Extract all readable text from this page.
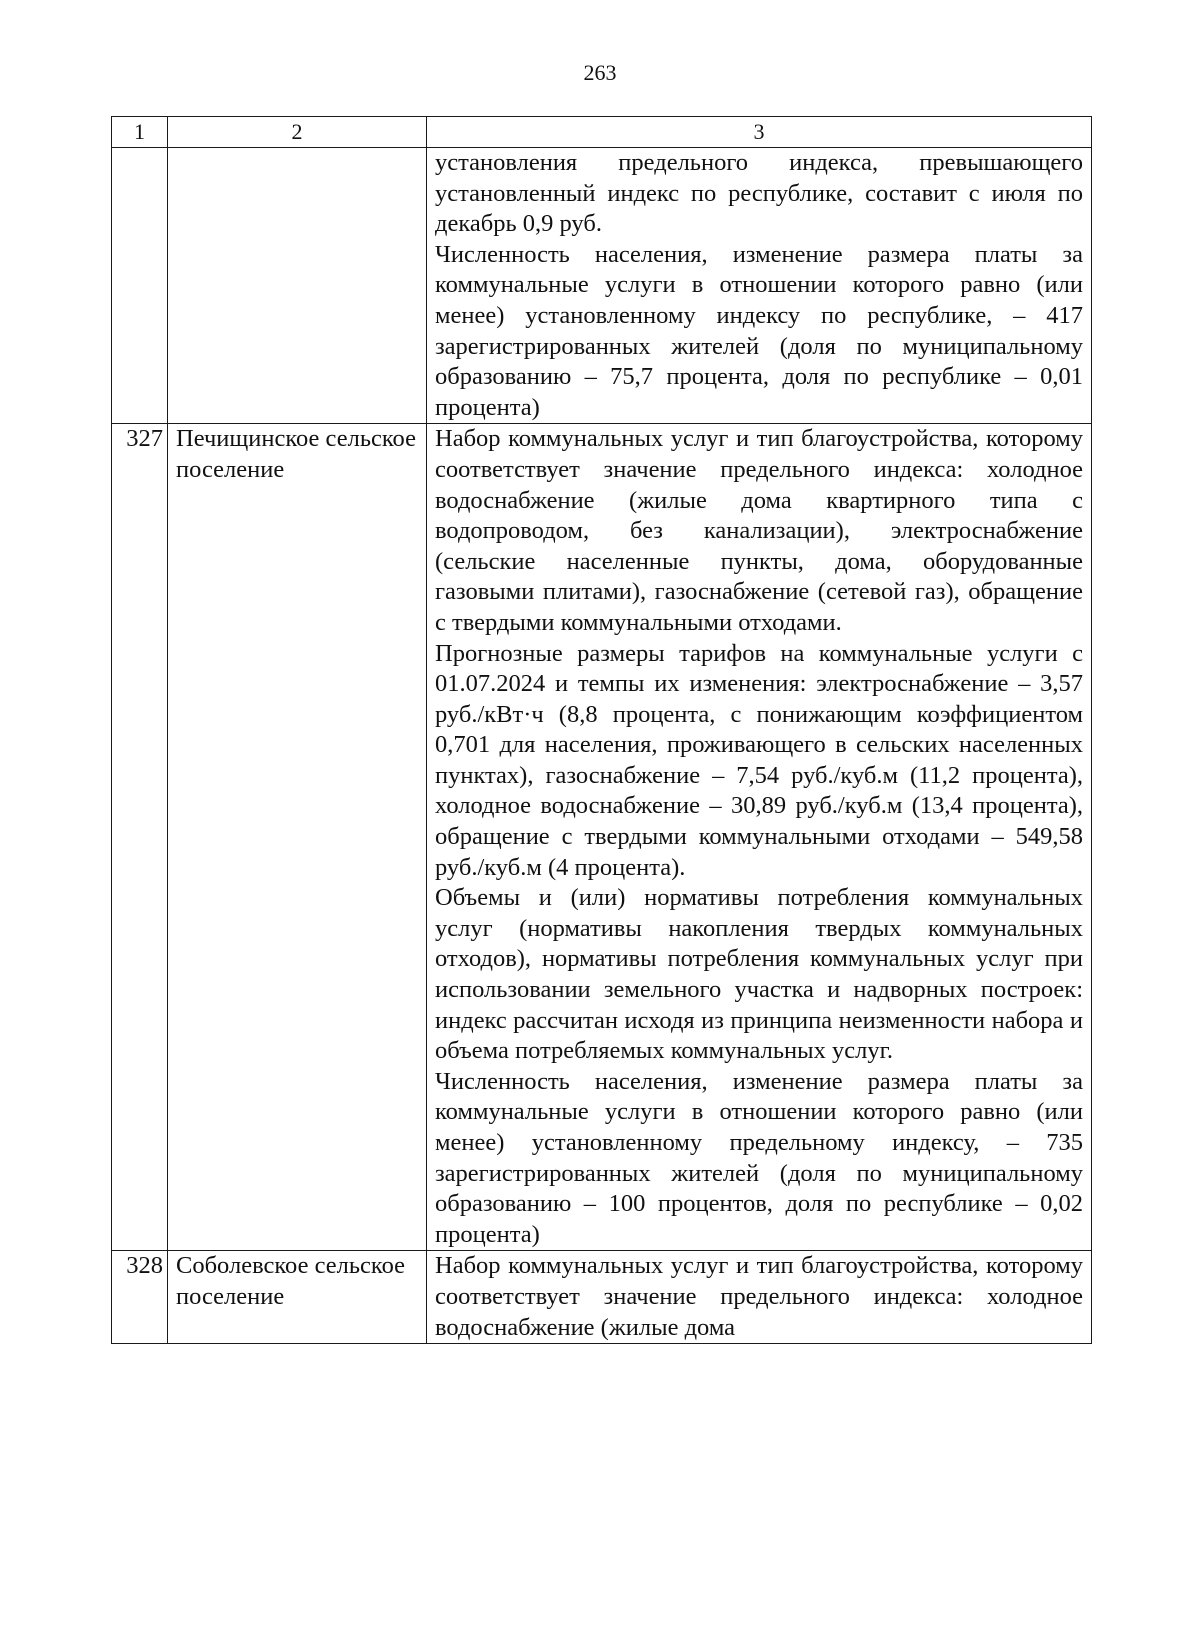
263
1	2	3

		установления предельного индекса, превышающего установленный индекс по республике, составит с июля по декабрь 0,9 руб.

Численность населения, изменение размера платы за коммунальные услуги в отношении которого равно (или менее) установленному индексу по республике, – 417 зарегистрированных жителей (доля по муниципальному образованию – 75,7 процента, доля по республике – 0,01 процента)

327	Печищинское сельское поселение	Набор коммунальных услуг и тип благоустройства, которому соответствует значение предельного индекса: холодное водоснабжение (жилые дома квартирного типа с водопроводом, без канализации), электроснабжение (сельские населенные пункты, дома, оборудованные газовыми плитами), газоснабжение (сетевой газ), обращение с твердыми коммунальными отходами.

Прогнозные размеры тарифов на коммунальные услуги с 01.07.2024 и темпы их изменения: электроснабжение – 3,57 руб./кВт·ч (8,8 процента, с понижающим коэффициентом 0,701 для населения, проживающего в сельских населенных пунктах), газоснабжение – 7,54 руб./куб.м (11,2 процента), холодное водоснабжение – 30,89 руб./куб.м (13,4 процента), обращение с твердыми коммунальными отходами – 549,58 руб./куб.м (4 процента).

Объемы и (или) нормативы потребления коммунальных услуг (нормативы накопления твердых коммунальных отходов), нормативы потребления коммунальных услуг при использовании земельного участка и надворных построек: индекс рассчитан исходя из принципа неизменности набора и объема потребляемых коммунальных услуг.

Численность населения, изменение размера платы за коммунальные услуги в отношении которого равно (или менее) установленному предельному индексу, – 735 зарегистрированных жителей (доля по муниципальному образованию – 100 процентов, доля по республике – 0,02 процента)

328	Соболевское сельское поселение	Набор коммунальных услуг и тип благоустройства, которому соответствует значение предельного индекса: холодное водоснабжение (жилые дома
